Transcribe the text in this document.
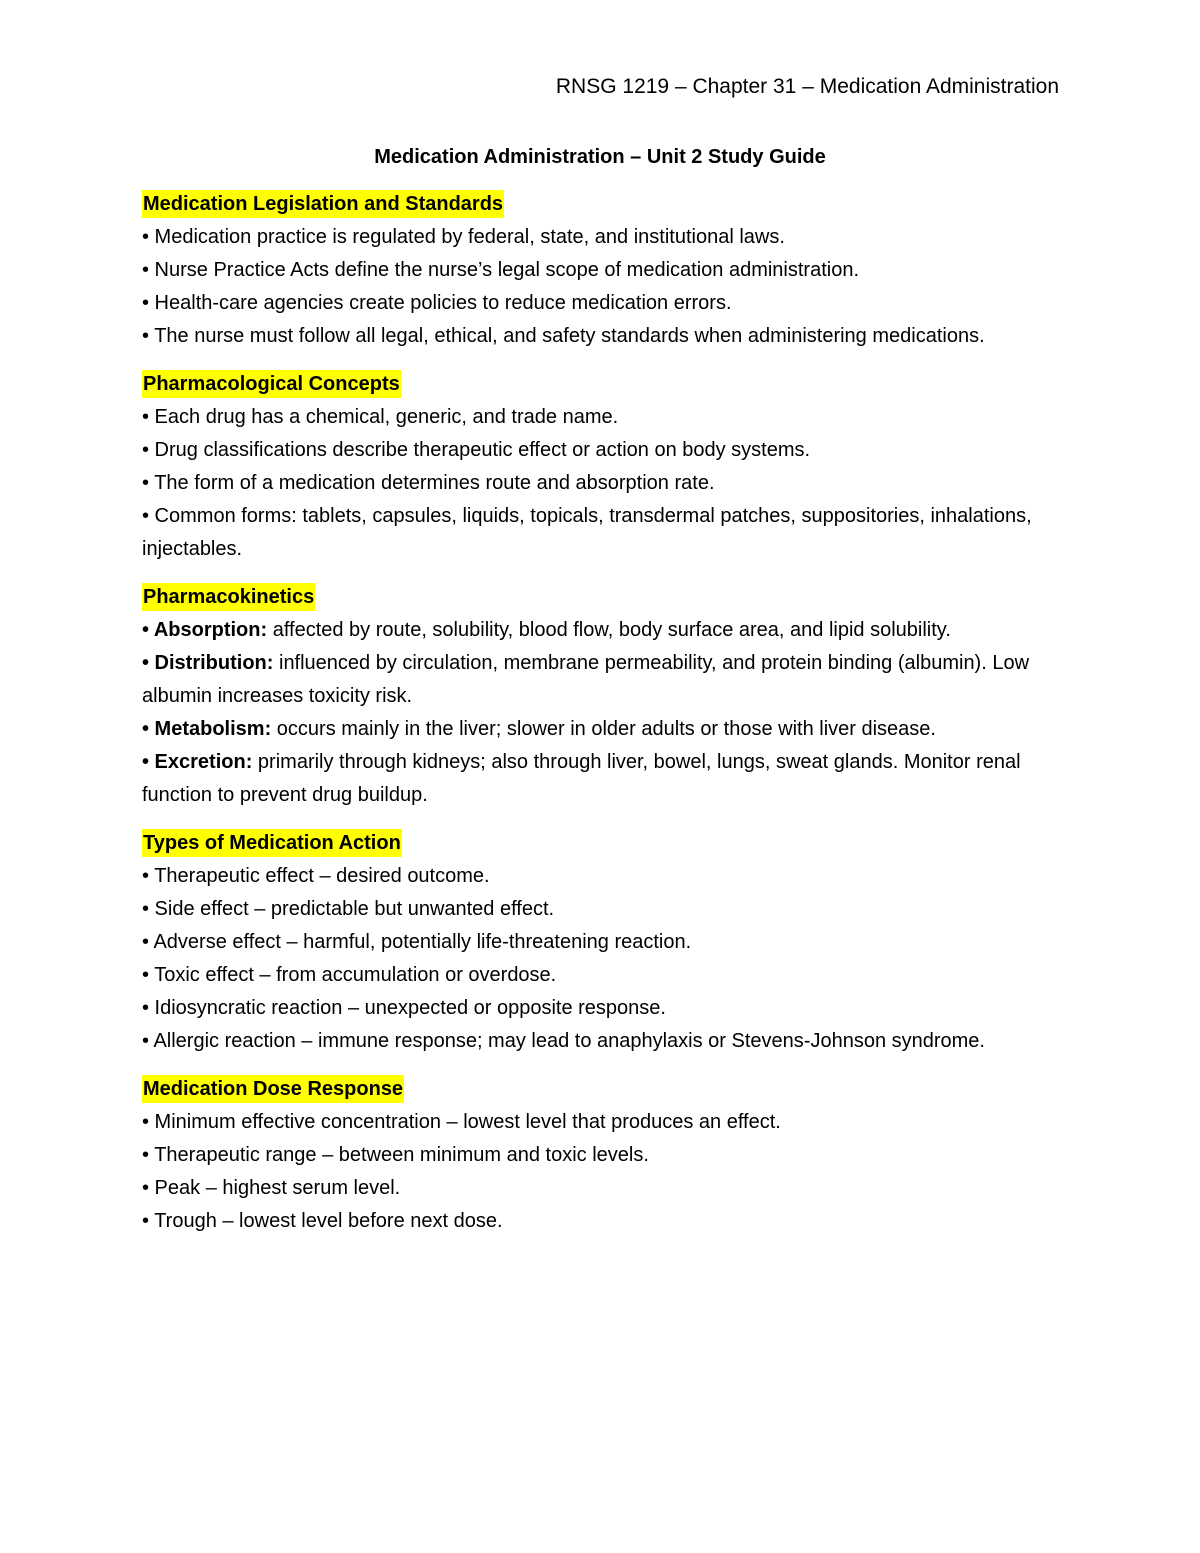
RNSG 1219 – Chapter 31 – Medication Administration
Medication Administration – Unit 2 Study Guide
Medication Legislation and Standards
• Medication practice is regulated by federal, state, and institutional laws.
• Nurse Practice Acts define the nurse’s legal scope of medication administration.
• Health-care agencies create policies to reduce medication errors.
• The nurse must follow all legal, ethical, and safety standards when administering medications.
Pharmacological Concepts
• Each drug has a chemical, generic, and trade name.
• Drug classifications describe therapeutic effect or action on body systems.
• The form of a medication determines route and absorption rate.
• Common forms: tablets, capsules, liquids, topicals, transdermal patches, suppositories, inhalations, injectables.
Pharmacokinetics
• Absorption: affected by route, solubility, blood flow, body surface area, and lipid solubility.
• Distribution: influenced by circulation, membrane permeability, and protein binding (albumin). Low albumin increases toxicity risk.
• Metabolism: occurs mainly in the liver; slower in older adults or those with liver disease.
• Excretion: primarily through kidneys; also through liver, bowel, lungs, sweat glands. Monitor renal function to prevent drug buildup.
Types of Medication Action
• Therapeutic effect – desired outcome.
• Side effect – predictable but unwanted effect.
• Adverse effect – harmful, potentially life-threatening reaction.
• Toxic effect – from accumulation or overdose.
• Idiosyncratic reaction – unexpected or opposite response.
• Allergic reaction – immune response; may lead to anaphylaxis or Stevens-Johnson syndrome.
Medication Dose Response
• Minimum effective concentration – lowest level that produces an effect.
• Therapeutic range – between minimum and toxic levels.
• Peak – highest serum level.
• Trough – lowest level before next dose.
